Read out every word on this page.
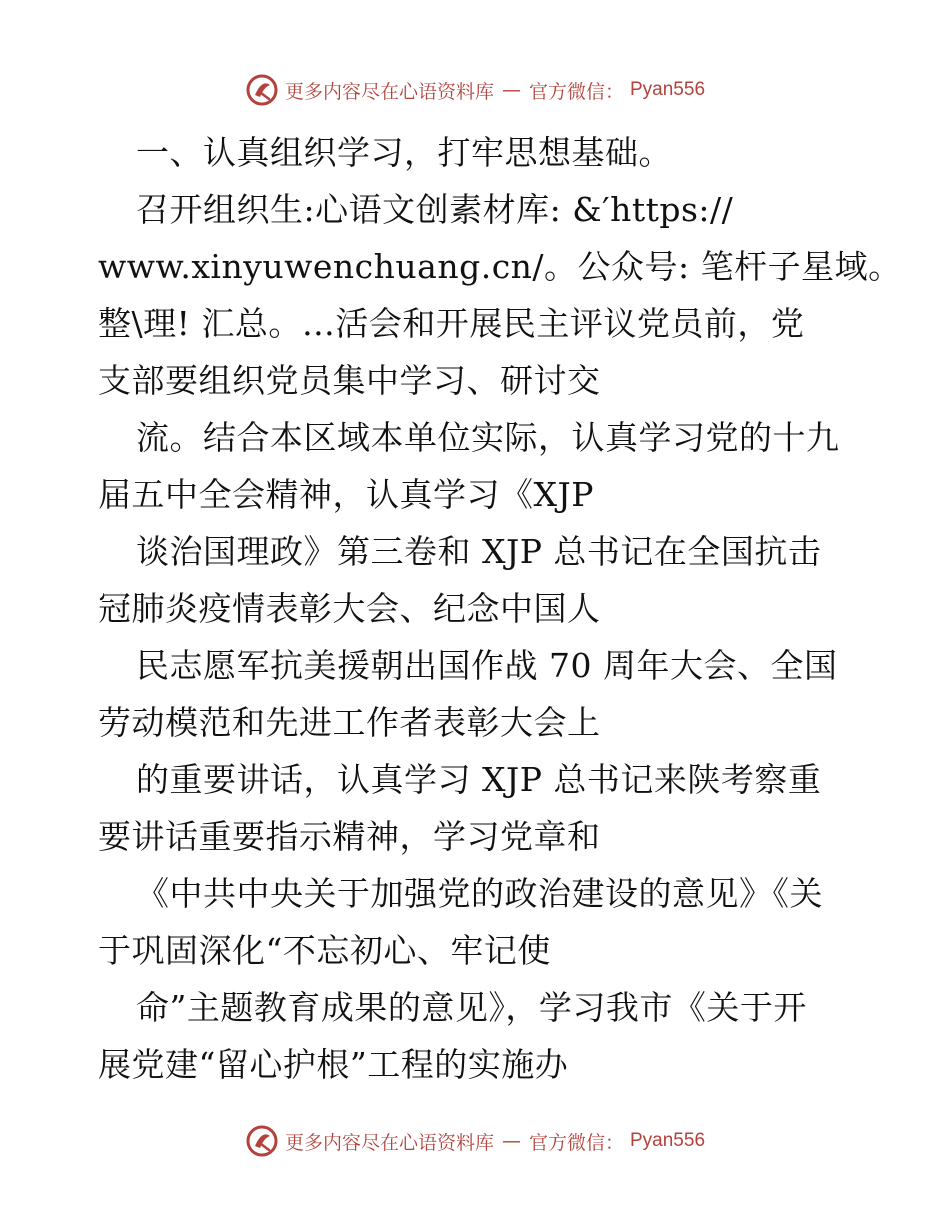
更多内容尽在心语资料库 — 官方微信： Pyan556
一、认真组织学习，打牢思想基础。
召开组织生:心语文创素材库: &′https://
www.xinyuwenchuang.cn/。公众号: 笔杆子星域。
整\理! 汇总。…活会和开展民主评议党员前，党
支部要组织党员集中学习、研讨交
流。结合本区域本单位实际，认真学习党的十九
届五中全会精神，认真学习《XJP
谈治国理政》第三卷和 XJP 总书记在全国抗击
冠肺炎疫情表彰大会、纪念中国人
民志愿军抗美援朝出国作战 70 周年大会、全国
劳动模范和先进工作者表彰大会上
的重要讲话，认真学习 XJP 总书记来陕考察重
要讲话重要指示精神，学习党章和
《中共中央关于加强党的政治建设的意见》《关
于巩固深化“不忘初心、牢记使
命”主题教育成果的意见》，学习我市《关于开
展党建“留心护根”工程的实施办
更多内容尽在心语资料库 — 官方微信： Pyan556
